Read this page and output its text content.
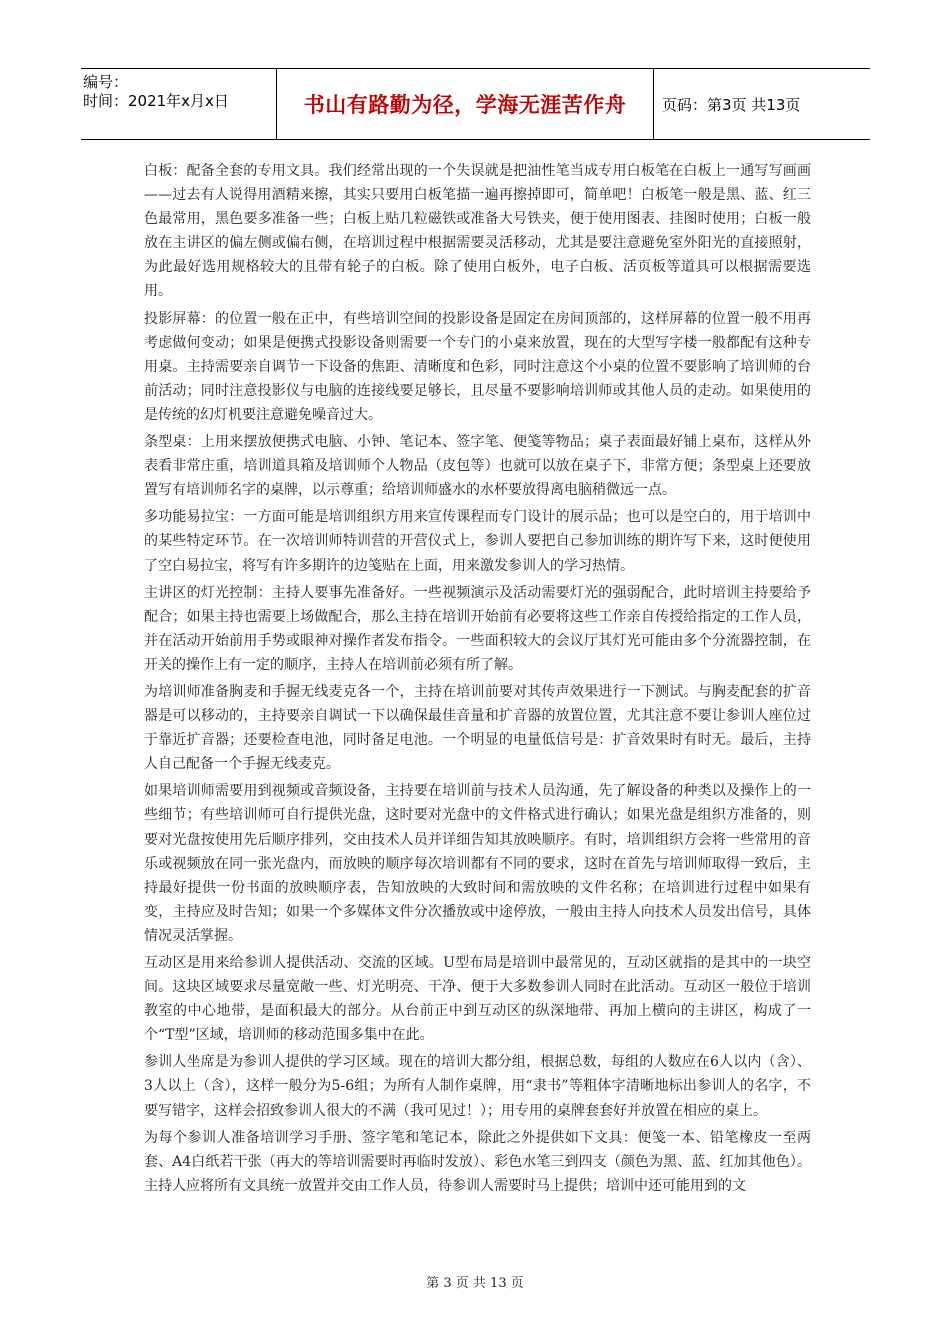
编号：
时间：2021年x月x日	书山有路勤为径，学海无涯苦作舟 页码：第3页 共13页

白板：配备全套的专用文具。我们经常出现的一个失误就是把油性笔当成专用白板笔在白板上一通写写画画——过去有人说得用酒精来擦，其实只要用白板笔描一遍再擦掉即可，简单吧！白板笔一般是黑、蓝、红三色最常用，黑色要多准备一些；白板上贴几粒磁铁或准备大号铁夹，便于使用图表、挂图时使用；白板一般放在主讲区的偏左侧或偏右侧，在培训过程中根据需要灵活移动，尤其是要注意避免室外阳光的直接照射，为此最好选用规格较大的且带有轮子的白板。除了使用白板外，电子白板、活页板等道具可以根据需要选用。

投影屏幕：的位置一般在正中，有些培训空间的投影设备是固定在房间顶部的，这样屏幕的位置一般不用再考虑做何变动；如果是便携式投影设备则需要一个专门的小桌来放置，现在的大型写字楼一般都配有这种专用桌。主持需要亲自调节一下设备的焦距、清晰度和色彩，同时注意这个小桌的位置不要影响了培训师的台前活动；同时注意投影仪与电脑的连接线要足够长，且尽量不要影响培训师或其他人员的走动。如果使用的是传统的幻灯机要注意避免噪音过大。

条型桌：上用来摆放便携式电脑、小钟、笔记本、签字笔、便笺等物品；桌子表面最好铺上桌布，这样从外表看非常庄重，培训道具箱及培训师个人物品（皮包等）也就可以放在桌子下，非常方便；条型桌上还要放置写有培训师名字的桌牌，以示尊重；给培训师盛水的水杯要放得离电脑稍微远一点。

多功能易拉宝：一方面可能是培训组织方用来宣传课程而专门设计的展示品；也可以是空白的，用于培训中的某些特定环节。在一次培训师特训营的开营仪式上，参训人要把自己参加训练的期许写下来，这时便使用了空白易拉宝，将写有许多期许的边笺贴在上面，用来激发参训人的学习热情。

主讲区的灯光控制：主持人要事先准备好。一些视频演示及活动需要灯光的强弱配合，此时培训主持要给予配合；如果主持也需要上场做配合，那么主持在培训开始前有必要将这些工作亲自传授给指定的工作人员，并在活动开始前用手势或眼神对操作者发布指令。一些面积较大的会议厅其灯光可能由多个分流器控制，在开关的操作上有一定的顺序，主持人在培训前必须有所了解。

为培训师准备胸麦和手握无线麦克各一个，主持在培训前要对其传声效果进行一下测试。与胸麦配套的扩音器是可以移动的，主持要亲自调试一下以确保最佳音量和扩音器的放置位置，尤其注意不要让参训人座位过于靠近扩音器；还要检查电池，同时备足电池。一个明显的电量低信号是：扩音效果时有时无。最后，主持人自己配备一个手握无线麦克。

如果培训师需要用到视频或音频设备，主持要在培训前与技术人员沟通，先了解设备的种类以及操作上的一些细节；有些培训师可自行提供光盘，这时要对光盘中的文件格式进行确认；如果光盘是组织方准备的，则要对光盘按使用先后顺序排列，交由技术人员并详细告知其放映顺序。有时，培训组织方会将一些常用的音乐或视频放在同一张光盘内，而放映的顺序每次培训都有不同的要求，这时在首先与培训师取得一致后，主持最好提供一份书面的放映顺序表，告知放映的大致时间和需放映的文件名称；在培训进行过程中如果有变，主持应及时告知；如果一个多媒体文件分次播放或中途停放，一般由主持人向技术人员发出信号，具体情况灵活掌握。

互动区是用来给参训人提供活动、交流的区域。U型布局是培训中最常见的，互动区就指的是其中的一块空间。这块区域要求尽量宽敞一些、灯光明亮、干净、便于大多数参训人同时在此活动。互动区一般位于培训教室的中心地带，是面积最大的部分。从台前正中到互动区的纵深地带、再加上横向的主讲区，构成了一个“T型”区域，培训师的移动范围多集中在此。

参训人坐席是为参训人提供的学习区域。现在的培训大都分组，根据总数，每组的人数应在6人以内（含）、3人以上（含），这样一般分为5-6组；为所有人制作桌牌，用“隶书”等粗体字清晰地标出参训人的名字，不要写错字，这样会招致参训人很大的不满（我可见过！）；用专用的桌牌套套好并放置在相应的桌上。

为每个参训人准备培训学习手册、签字笔和笔记本，除此之外提供如下文具：便笺一本、铅笔橡皮一至两套、A4白纸若干张（再大的等培训需要时再临时发放）、彩色水笔三到四支（颜色为黑、蓝、红加其他色）。主持人应将所有文具统一放置并交由工作人员，待参训人需要时马上提供；培训中还可能用到的文

第 3 页 共 13 页
